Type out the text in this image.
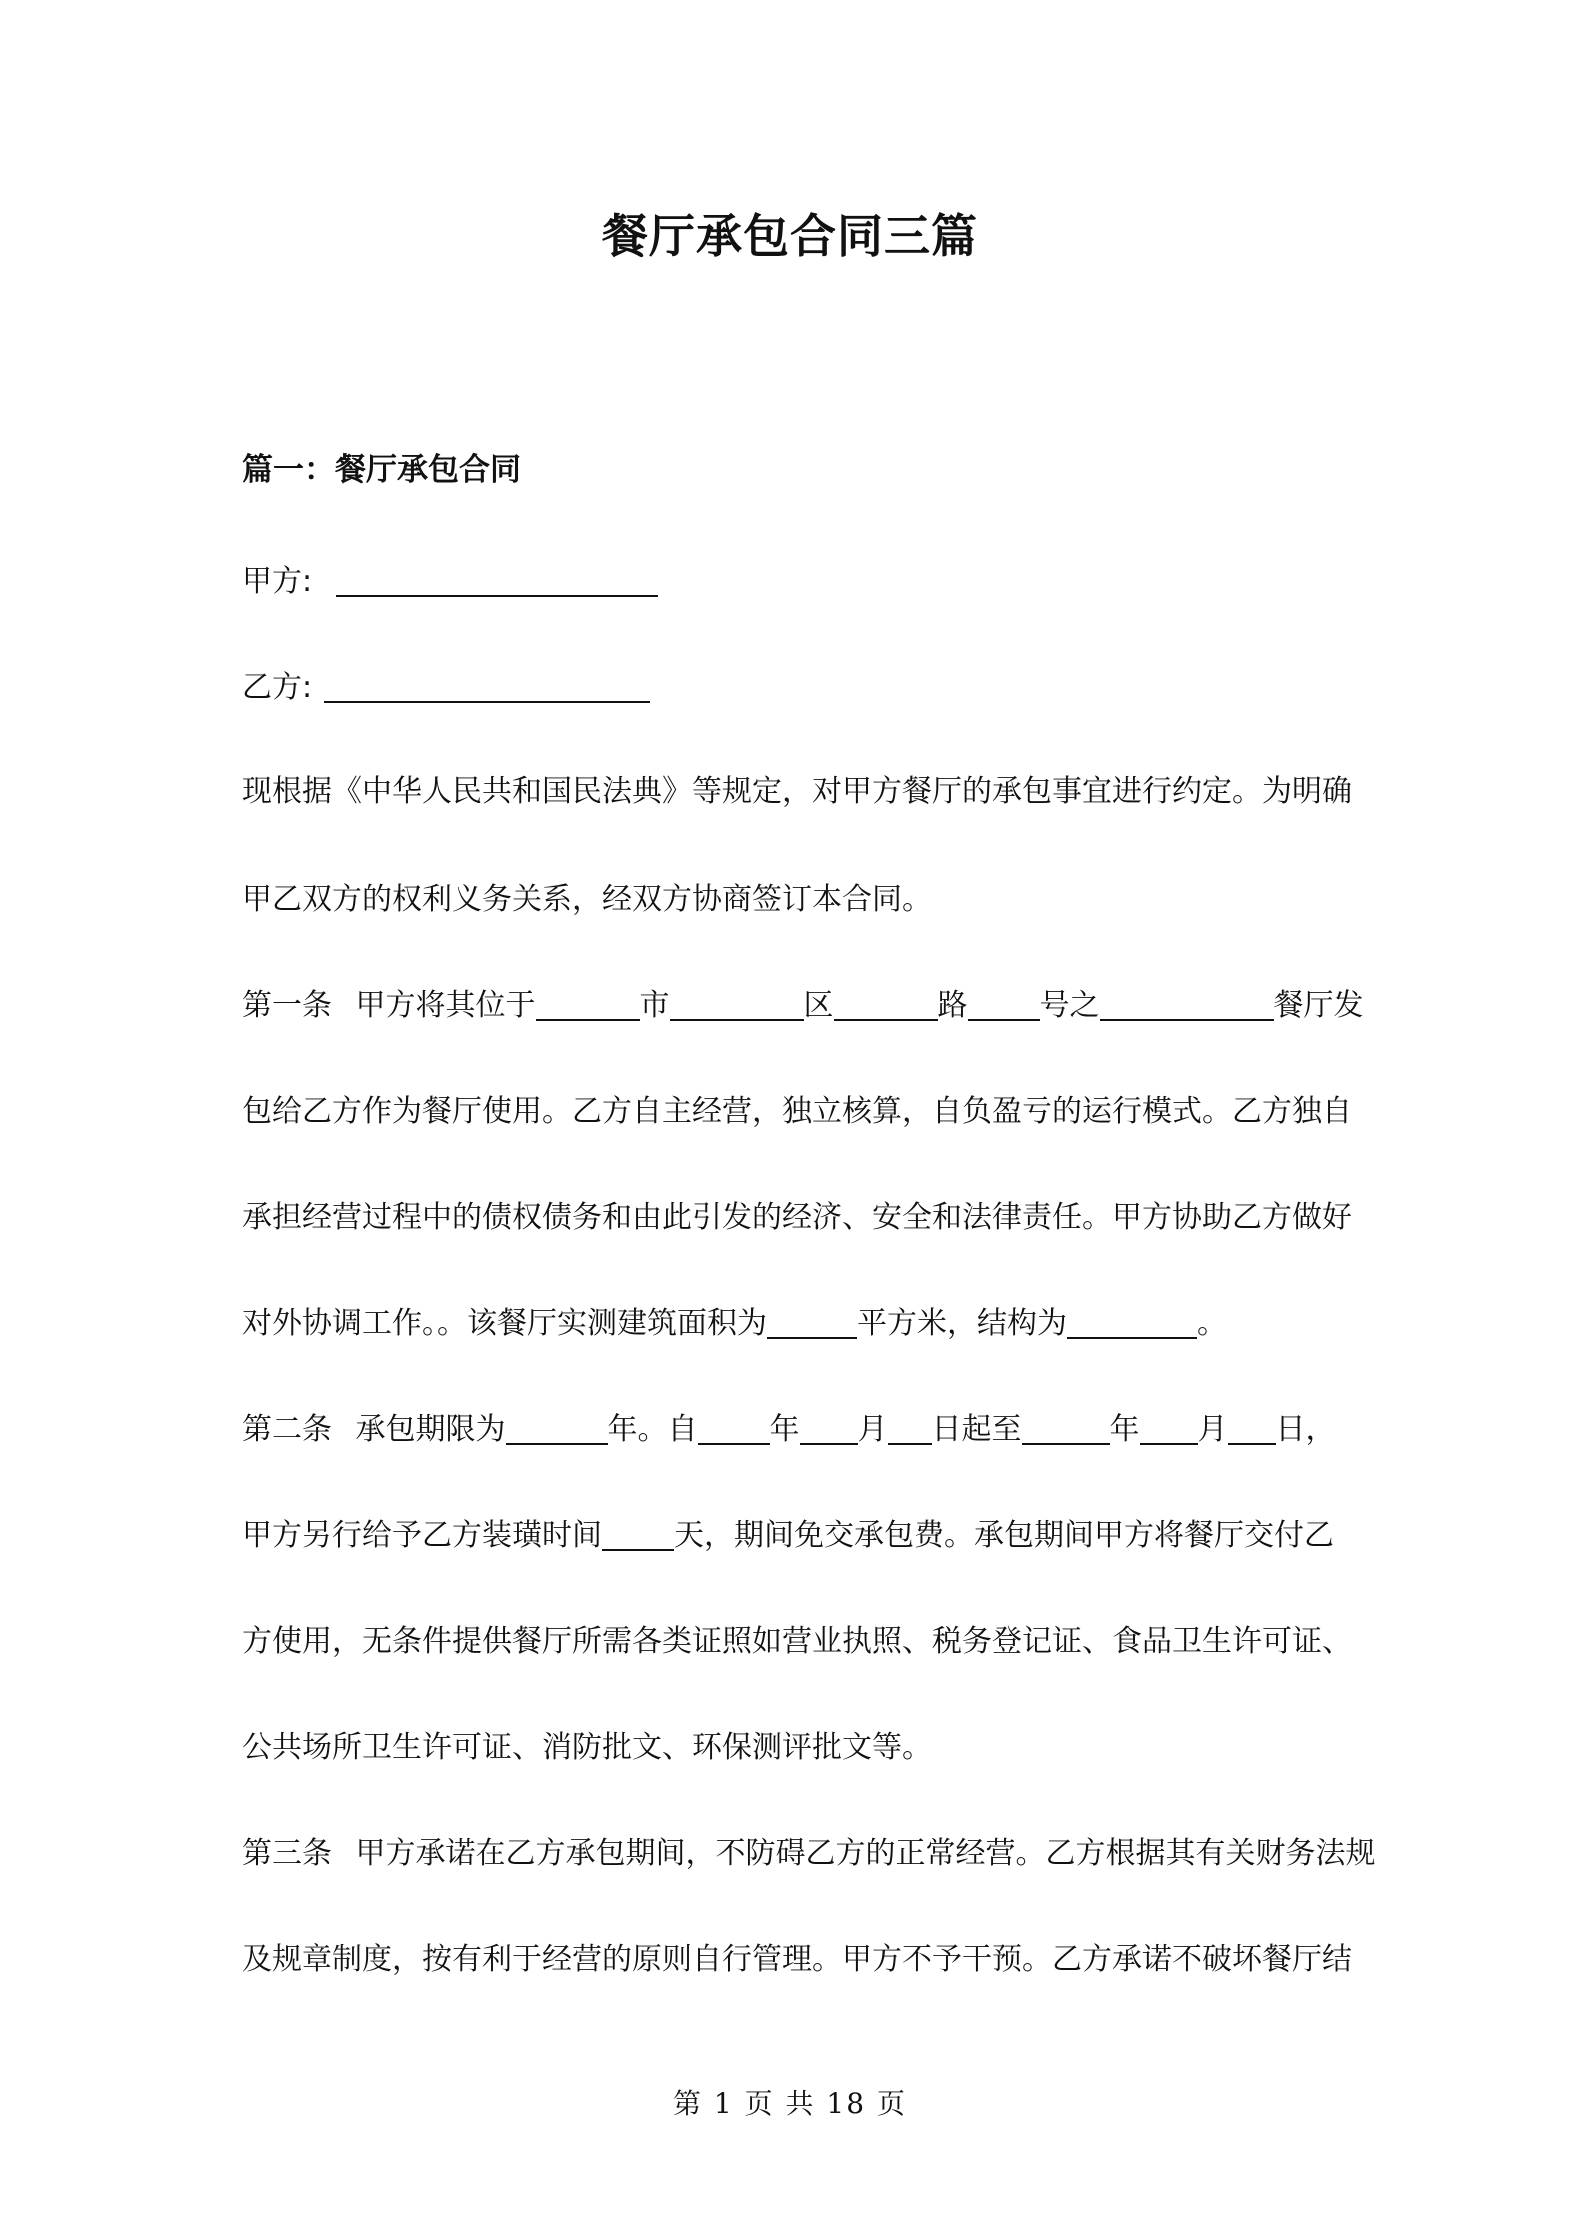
餐厅承包合同三篇
篇一：餐厅承包合同
甲方:
乙方:
现根据《中华人民共和国民法典》等规定，对甲方餐厅的承包事宜进行约定。为明确
甲乙双方的权利义务关系，经双方协商签订本合同。
第一条 甲方将其位于	市	区	路 号之	餐厅发
包给乙方作为餐厅使用。乙方自主经营，独立核算，自负盈亏的运行模式。乙方独自
承担经营过程中的债权债务和由此引发的经济、安全和法律责任。甲方协助乙方做好
对外协调工作。。该餐厅实测建筑面积为	平方米，结构为	。
第二条 承包期限为	年。自 年 月 日起至	年 月 日，
甲方另行给予乙方装璜时间 天，期间免交承包费。承包期间甲方将餐厅交付乙
方使用，无条件提供餐厅所需各类证照如营业执照、税务登记证、食品卫生许可证、
公共场所卫生许可证、消防批文、环保测评批文等。
第三条 甲方承诺在乙方承包期间，不防碍乙方的正常经营。乙方根据其有关财务法规
及规章制度，按有利于经营的原则自行管理。甲方不予干预。乙方承诺不破坏餐厅结
第 1 页 共 18 页
